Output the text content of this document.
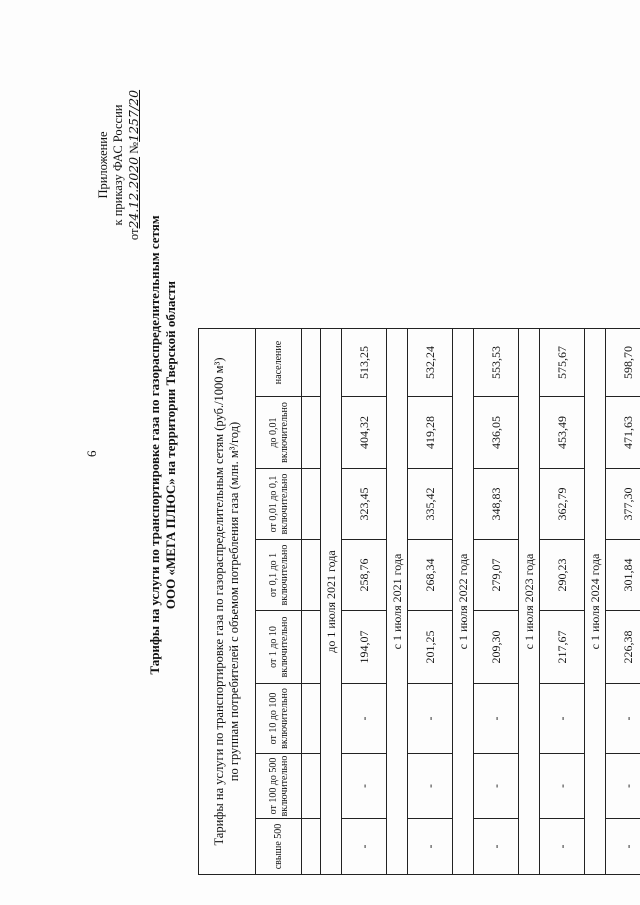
6
Приложение к приказу ФАС России
от24.12.2020 №1257/20
Тарифы на услуги по транспортировке газа по газораспределительным сетям ООО «МЕГА ПЛЮС» на территории Тверской области	Тарифы на услуги по транспортировке газа по газораспределительным сетям (руб./1000 м³) по группам потребителей с объемом потребления газа (млн. м³/год)							

свыше 500	от 100 до 500 включительно	от 10 до 100 включительно	от 1 до 10 включительно	от 0,1 до 1 включительно	от 0,01 до 0,1 включительно	до 0,01 включительно	население

до 1 июля 2021 года							
-	-	-	194,07	258,76	323,45	404,32	513,25
с 1 июля 2021 года							
-	-	-	201,25	268,34	335,42	419,28	532,24
с 1 июля 2022 года							
-	-	-	209,30	279,07	348,83	436,05	553,53
с 1 июля 2023 года							
-	-	-	217,67	290,23	362,79	453,49	575,67
с 1 июля 2024 года							
-	-	-	226,38	301,84	377,30	471,63	598,70
